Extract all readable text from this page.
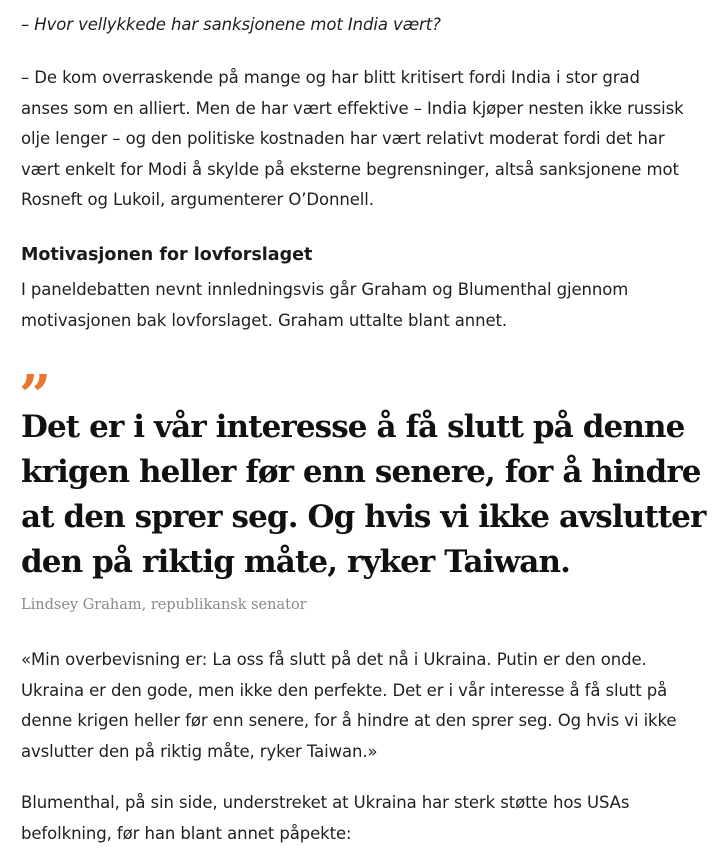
– Hvor vellykkede har sanksjonene mot India vært?

– De kom overraskende på mange og har blitt kritisert fordi India i stor grad
anses som en alliert. Men de har vært effektive – India kjøper nesten ikke russisk
olje lenger – og den politiske kostnaden har vært relativt moderat fordi det har
vært enkelt for Modi å skylde på eksterne begrensninger, altså sanksjonene mot
Rosneft og Lukoil, argumenterer O’Donnell.

Motivasjonen for lovforslaget

I paneldebatten nevnt innledningsvis går Graham og Blumenthal gjennom
motivasjonen bak lovforslaget. Graham uttalte blant annet.

”
Det er i vår interesse å få slutt på denne krigen heller før enn senere, for å hindre at den sprer seg. Og hvis vi ikke avslutter den på riktig måte, ryker Taiwan.
Lindsey Graham, republikansk senator

«Min overbevisning er: La oss få slutt på det nå i Ukraina. Putin er den onde.
Ukraina er den gode, men ikke den perfekte. Det er i vår interesse å få slutt på
denne krigen heller før enn senere, for å hindre at den sprer seg. Og hvis vi ikke
avslutter den på riktig måte, ryker Taiwan.»

Blumenthal, på sin side, understreket at Ukraina har sterk støtte hos USAs
befolkning, før han blant annet påpekte:
